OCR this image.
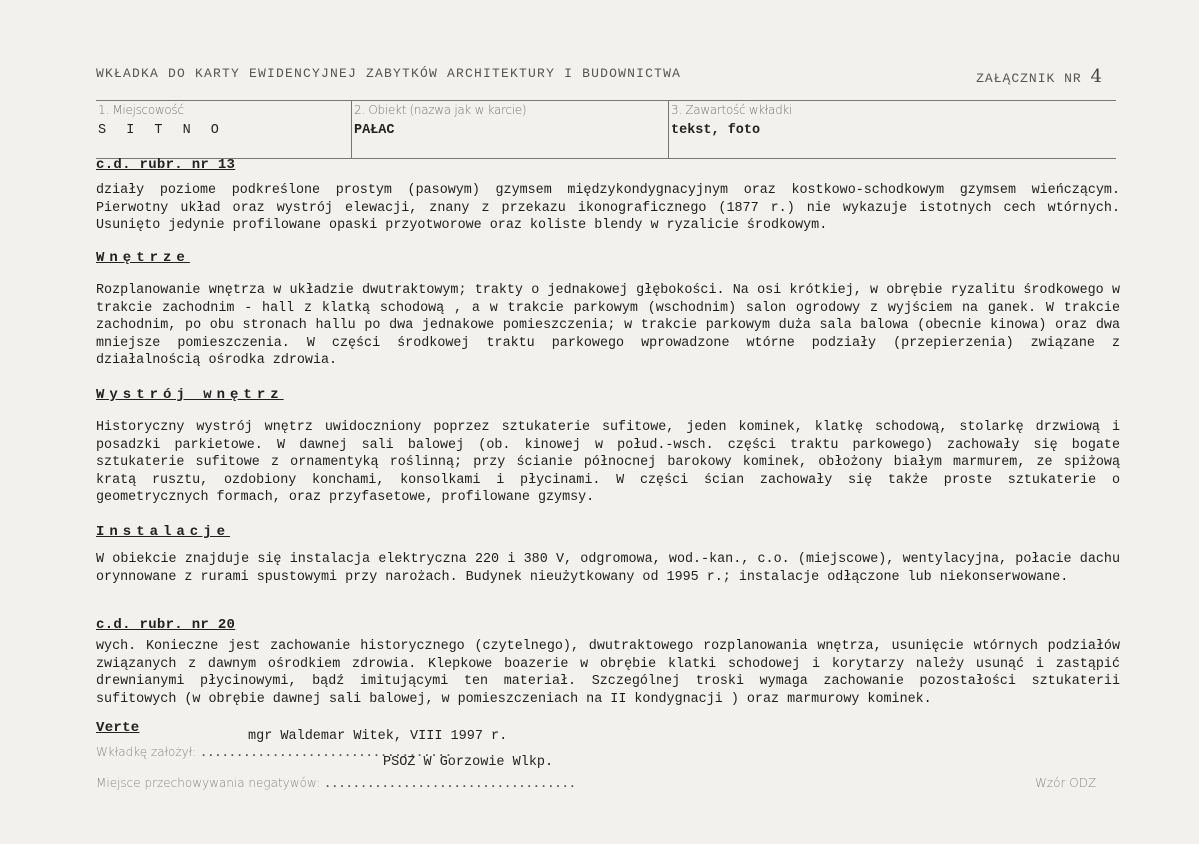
WKŁADKA DO KARTY EWIDENCYJNEJ ZABYTKÓW ARCHITEKTURY I BUDOWNICTWA	ZAŁĄCZNIK NR 4
1. Miejscowość
S I T N O
2. Obiekt (nazwa jak w karcie)
PAŁAC
3. Zawartość wkładki
tekst, foto
c.d. rubr. nr 13
działy poziome podkreślone prostym (pasowym) gzymsem międzykondygnacyjnym oraz kostkowo-schodkowym gzymsem wieńczącym. Pierwotny układ oraz wystrój elewacji, znany z przekazu ikonograficznego (1877 r.) nie wykazuje istotnych cech wtórnych. Usunięto jedynie profilowane opaski przyotworowe oraz koliste blendy w ryzalicie środkowym.
Wnętrze
Rozplanowanie wnętrza w układzie dwutraktowym; trakty o jednakowej głębokości. Na osi krótkiej, w obrębie ryzalitu środkowego w trakcie zachodnim - hall z klatką schodową , a w trakcie parkowym (wschodnim) salon ogrodowy z wyjściem na ganek. W trakcie zachodnim, po obu stronach hallu po dwa jednakowe pomieszczenia; w trakcie parkowym duża sala balowa (obecnie kinowa) oraz dwa mniejsze pomieszczenia. W części środkowej traktu parkowego wprowadzone wtórne podziały (przepierzenia) związane z działalnością ośrodka zdrowia.
Wystrój wnętrz
Historyczny wystrój wnętrz uwidoczniony poprzez sztukaterie sufitowe, jeden kominek, klatkę schodową, stolarkę drzwiową i posadzki parkietowe. W dawnej sali balowej (ob. kinowej w połud.-wsch. części traktu parkowego) zachowały się bogate sztukaterie sufitowe z ornamentyką roślinną; przy ścianie północnej barokowy kominek, obłożony białym marmurem, ze spiżową kratą rusztu, ozdobiony konchami, konsolkami i płycinami. W części ścian zachowały się także proste sztukaterie o geometrycznych formach, oraz przyfasetowe, profilowane gzymsy.
Instalacje
W obiekcie znajduje się instalacja elektryczna 220 i 380 V, odgromowa, wod.-kan., c.o. (miejscowe), wentylacyjna, połacie dachu orynnowane z rurami spustowymi przy narożach. Budynek nieużytkowany od 1995 r.; instalacje odłączone lub niekonserwowane.
c.d. rubr. nr 20
wych. Konieczne jest zachowanie historycznego (czytelnego), dwutraktowego rozplanowania wnętrza, usunięcie wtórnych podziałów związanych z dawnym ośrodkiem zdrowia. Klepkowe boazerie w obrębie klatki schodowej i korytarzy należy usunąć i zastąpić drewnianymi płycinowymi, bądź imitującymi ten materiał. Szczególnej troski wymaga zachowanie pozostałości sztukaterii sufitowych (w obrębie dawnej sali balowej, w pomieszczeniach na II kondygnacji ) oraz marmurowy kominek.
Verte
mgr Waldemar Witek, VIII 1997 r.
Wkładkę założył: ...................................
PSOZ W Gorzowie Wlkp.
Miejsce przechowywania negatywów: ...................................	Wzór ODZ
